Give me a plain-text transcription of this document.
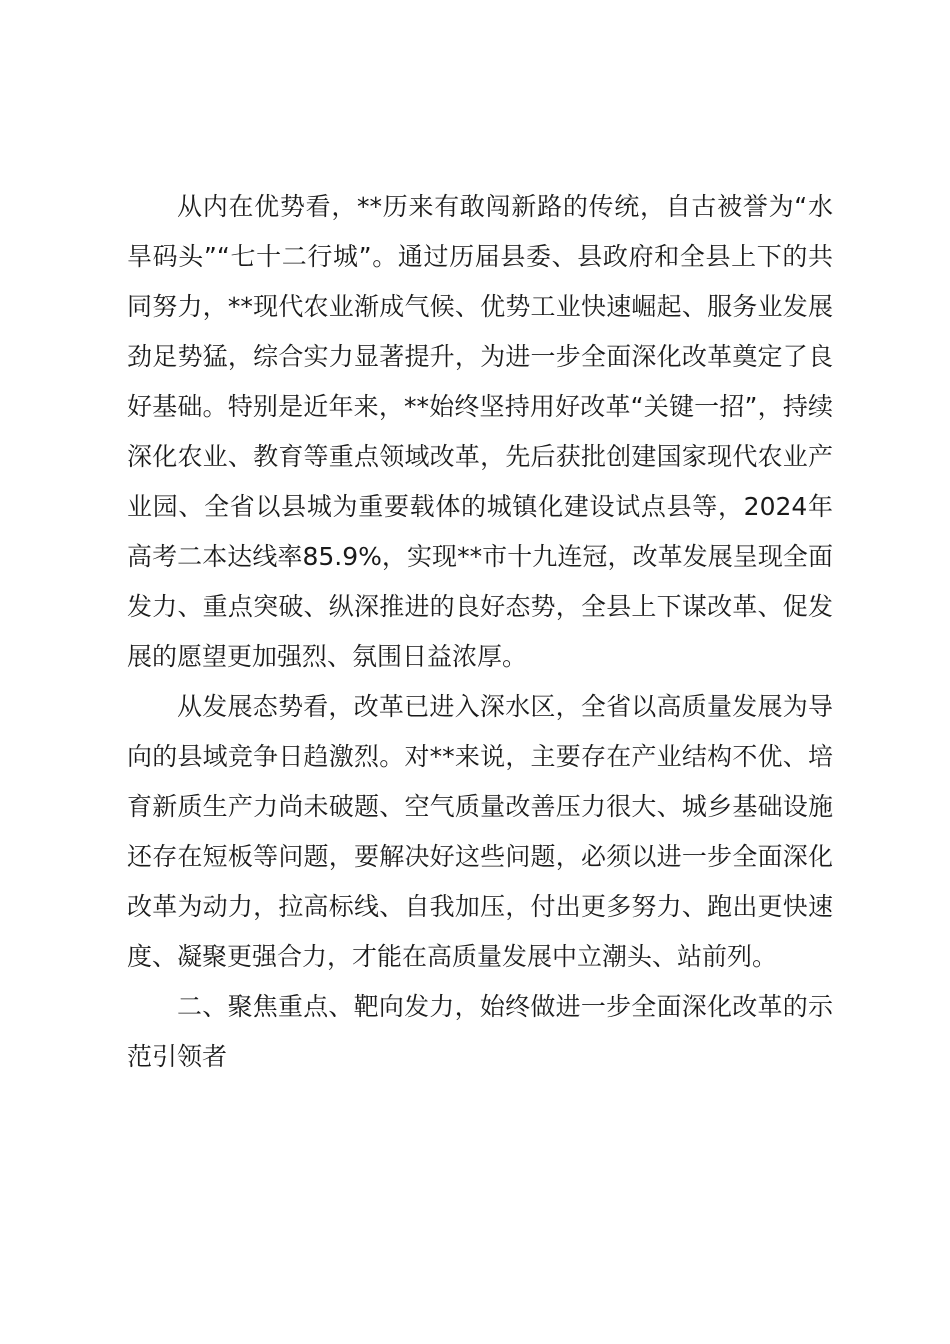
从内在优势看，**历来有敢闯新路的传统，自古被誉为“水旱码头”“七十二行城”。通过历届县委、县政府和全县上下的共同努力，**现代农业渐成气候、优势工业快速崛起、服务业发展劲足势猛，综合实力显著提升，为进一步全面深化改革奠定了良好基础。特别是近年来，**始终坚持用好改革“关键一招”，持续深化农业、教育等重点领域改革，先后获批创建国家现代农业产业园、全省以县城为重要载体的城镇化建设试点县等，2024年高考二本达线率85.9%，实现**市十九连冠，改革发展呈现全面发力、重点突破、纵深推进的良好态势，全县上下谋改革、促发展的愿望更加强烈、氛围日益浓厚。

从发展态势看，改革已进入深水区，全省以高质量发展为导向的县域竞争日趋激烈。对**来说，主要存在产业结构不优、培育新质生产力尚未破题、空气质量改善压力很大、城乡基础设施还存在短板等问题，要解决好这些问题，必须以进一步全面深化改革为动力，拉高标线、自我加压，付出更多努力、跑出更快速度、凝聚更强合力，才能在高质量发展中立潮头、站前列。

二、聚焦重点、靶向发力，始终做进一步全面深化改革的示范引领者
